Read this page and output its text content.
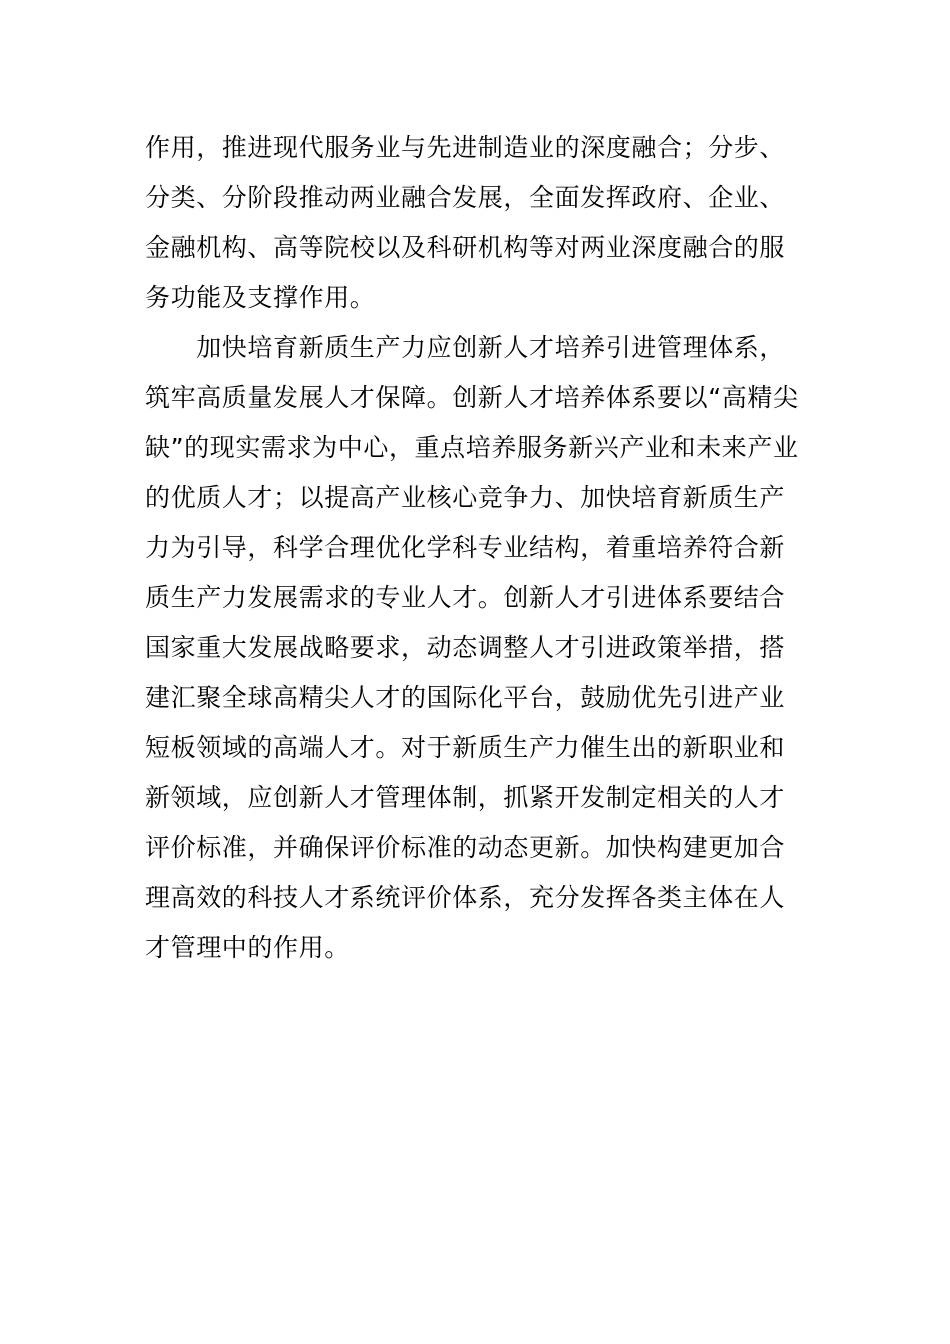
作用，推进现代服务业与先进制造业的深度融合；分步、
分类、分阶段推动两业融合发展，全面发挥政府、企业、
金融机构、高等院校以及科研机构等对两业深度融合的服
务功能及支撑作用。
　　加快培育新质生产力应创新人才培养引进管理体系，
筑牢高质量发展人才保障。创新人才培养体系要以“高精尖
缺”的现实需求为中心，重点培养服务新兴产业和未来产业
的优质人才；以提高产业核心竞争力、加快培育新质生产
力为引导，科学合理优化学科专业结构，着重培养符合新
质生产力发展需求的专业人才。创新人才引进体系要结合
国家重大发展战略要求，动态调整人才引进政策举措，搭
建汇聚全球高精尖人才的国际化平台，鼓励优先引进产业
短板领域的高端人才。对于新质生产力催生出的新职业和
新领域，应创新人才管理体制，抓紧开发制定相关的人才
评价标准，并确保评价标准的动态更新。加快构建更加合
理高效的科技人才系统评价体系，充分发挥各类主体在人
才管理中的作用。
